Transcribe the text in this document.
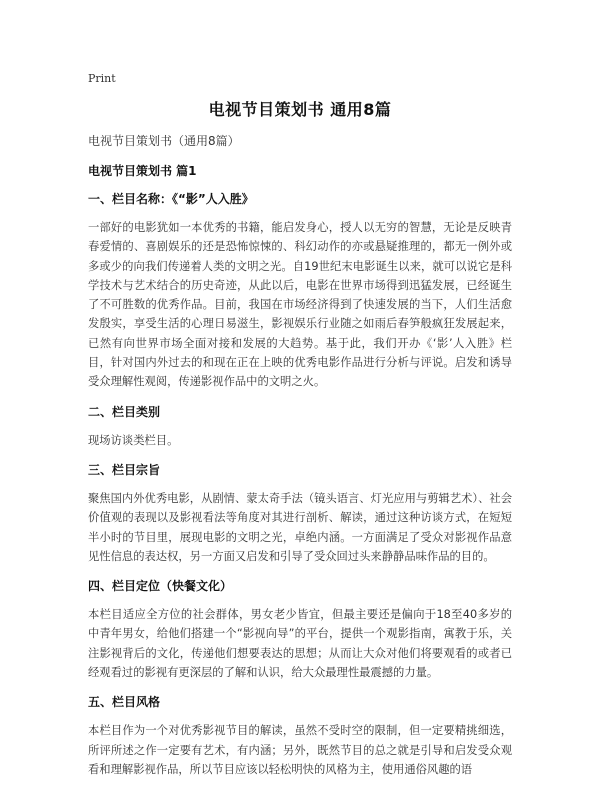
Print
电视节目策划书 通用8篇

电视节目策划书（通用8篇）

电视节目策划书 篇1

一、栏目名称：《“影”人入胜》

一部好的电影犹如一本优秀的书籍，能启发身心，授人以无穷的智慧，无论是反映青春爱情的、喜剧娱乐的还是恐怖惊悚的、科幻动作的亦或悬疑推理的，都无一例外或多或少的向我们传递着人类的文明之光。自19世纪末电影诞生以来，就可以说它是科学技术与艺术结合的历史奇迹，从此以后，电影在世界市场得到迅猛发展，已经诞生了不可胜数的优秀作品。目前，我国在市场经济得到了快速发展的当下，人们生活愈发殷实，享受生活的心理日易滋生，影视娱乐行业随之如雨后春笋般疯狂发展起来，已然有向世界市场全面对接和发展的大趋势。基于此，我们开办《‘影’人入胜》栏目，针对国内外过去的和现在正在上映的优秀电影作品进行分析与评说。启发和诱导受众理解性观阅，传递影视作品中的文明之火。

二、栏目类别

现场访谈类栏目。

三、栏目宗旨

聚焦国内外优秀电影，从剧情、蒙太奇手法（镜头语言、灯光应用与剪辑艺术）、社会价值观的表现以及影视看法等角度对其进行剖析、解读，通过这种访谈方式，在短短半小时的节目里，展现电影的文明之光，卓绝内涵。一方面满足了受众对影视作品意见性信息的表达权，另一方面又启发和引导了受众回过头来静静品味作品的目的。

四、栏目定位（快餐文化）

本栏目适应全方位的社会群体，男女老少皆宜，但最主要还是偏向于18至40多岁的中青年男女，给他们搭建一个“影视向导”的平台，提供一个观影指南，寓教于乐，关注影视背后的文化，传递他们想要表达的思想；从而让大众对他们将要观看的或者已经观看过的影视有更深层的了解和认识，给大众最理性最震撼的力量。

五、栏目风格

本栏目作为一个对优秀影视节目的解读，虽然不受时空的限制，但一定要精挑细选，所评所述之作一定要有艺术，有内涵；另外，既然节目的总之就是引导和启发受众观看和理解影视作品，所以节目应该以轻松明快的风格为主，使用通俗风趣的语
